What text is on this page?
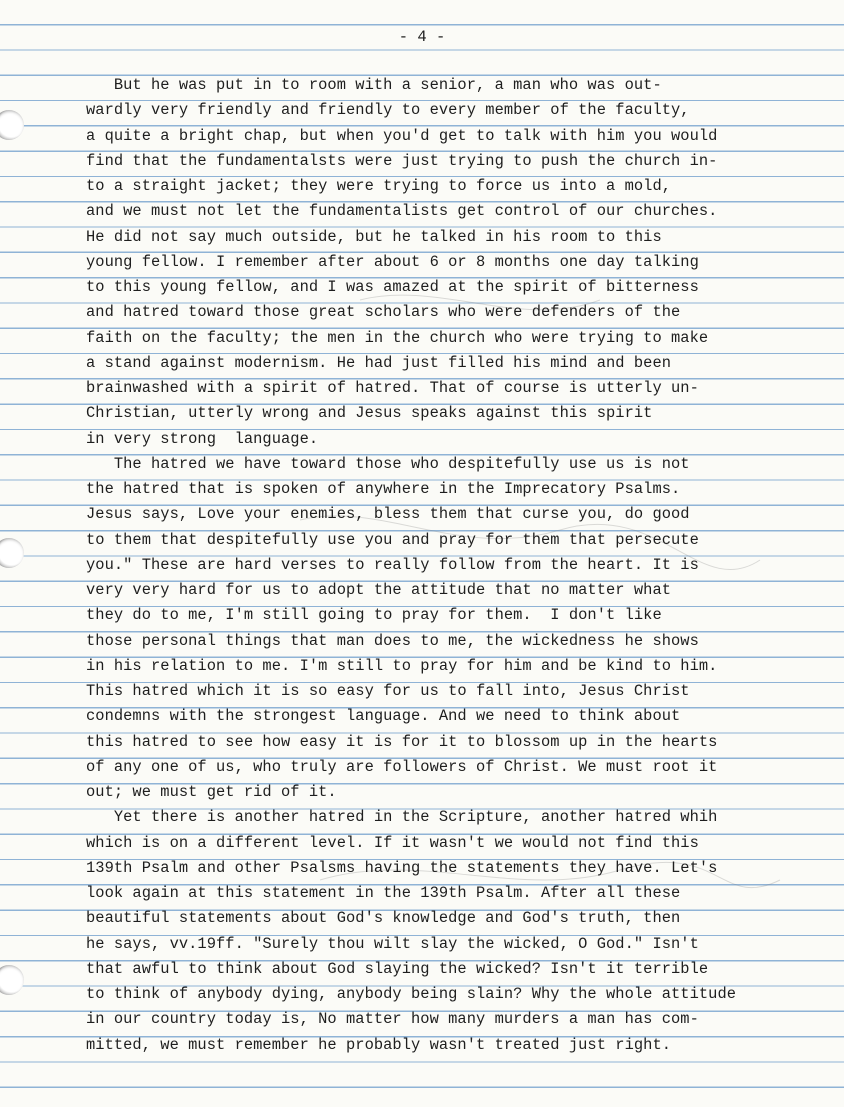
- 4 -
But he was put in to room with a senior, a man who was out-
wardly very friendly and friendly to every member of the faculty,
a quite a bright chap, but when you'd get to talk with him you would
find that the fundamentalsts were just trying to push the church in-
to a straight jacket; they were trying to force us into a mold,
and we must not let the fundamentalists get control of our churches.
He did not say much outside, but he talked in his room to this
young fellow. I remember after about 6 or 8 months one day talking
to this young fellow, and I was amazed at the spirit of bitterness
and hatred toward those great scholars who were defenders of the
faith on the faculty; the men in the church who were trying to make
a stand against modernism. He had just filled his mind and been
brainwashed with a spirit of hatred. That of course is utterly un-
Christian, utterly wrong and Jesus speaks against this spirit
in very strong  language.
The hatred we have toward those who despitefully use us is not
the hatred that is spoken of anywhere in the Imprecatory Psalms.
Jesus says, Love your enemies, bless them that curse you, do good
to them that despitefully use you and pray for them that persecute
you." These are hard verses to really follow from the heart. It is
very very hard for us to adopt the attitude that no matter what
they do to me, I'm still going to pray for them.  I don't like
those personal things that man does to me, the wickedness he shows
in his relation to me. I'm still to pray for him and be kind to him.
This hatred which it is so easy for us to fall into, Jesus Christ
condemns with the strongest language. And we need to think about
this hatred to see how easy it is for it to blossom up in the hearts
of any one of us, who truly are followers of Christ. We must root it
out; we must get rid of it.
Yet there is another hatred in the Scripture, another hatred whih
which is on a different level. If it wasn't we would not find this
139th Psalm and other Psalsms having the statements they have. Let's
look again at this statement in the 139th Psalm. After all these
beautiful statements about God's knowledge and God's truth, then
he says, vv.19ff. "Surely thou wilt slay the wicked, O God." Isn't
that awful to think about God slaying the wicked? Isn't it terrible
to think of anybody dying, anybody being slain? Why the whole attitude
in our country today is, No matter how many murders a man has com-
mitted, we must remember he probably wasn't treated just right.
